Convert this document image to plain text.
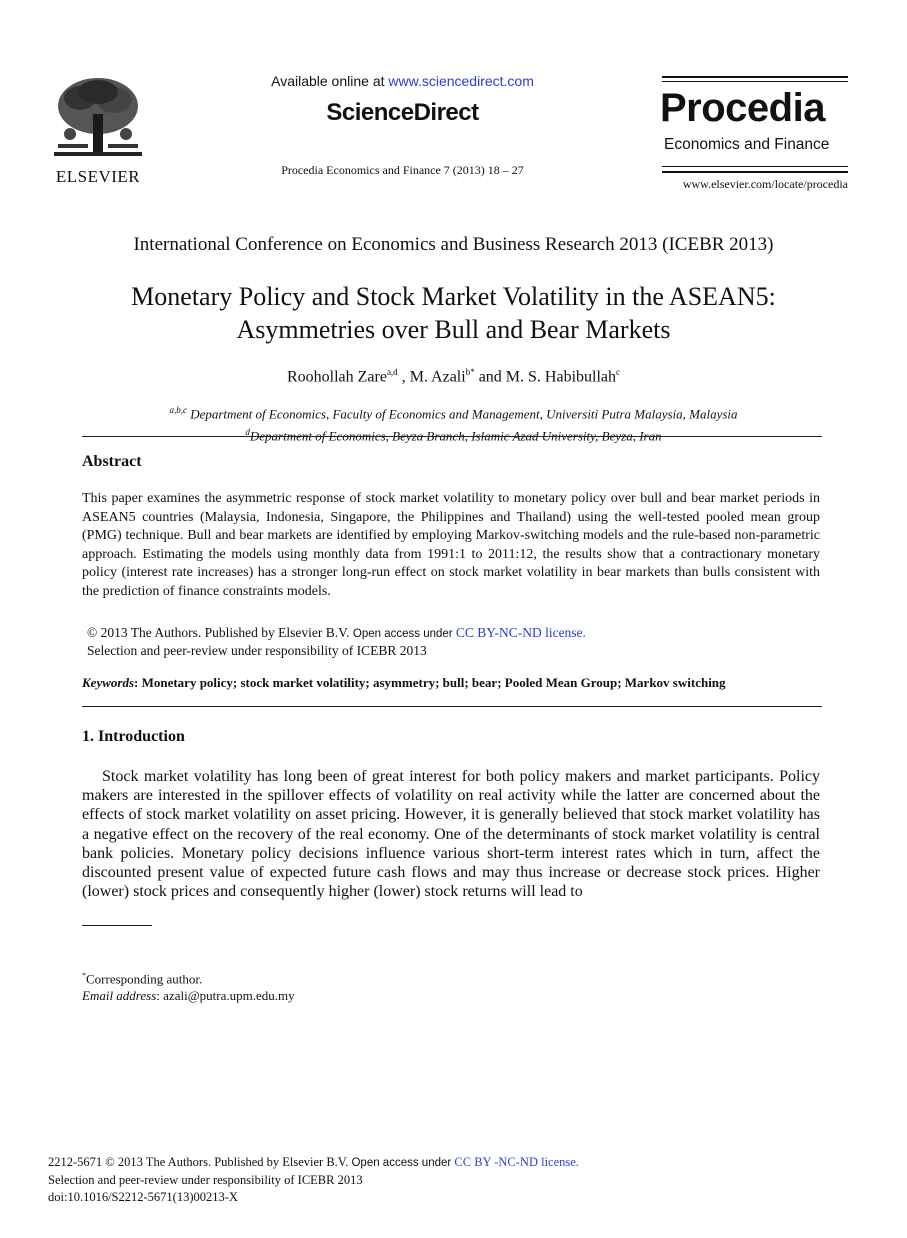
ELSEVIER
Available online at www.sciencedirect.com
ScienceDirect
Procedia Economics and Finance 7 (2013) 18 – 27
Procedia
Economics and Finance
www.elsevier.com/locate/procedia
International Conference on Economics and Business Research 2013 (ICEBR 2013)
Monetary Policy and Stock Market Volatility in the ASEAN5:
Asymmetries over Bull and Bear Markets
Roohollah Zare$^{a,d}$ , M. Azali$^{b*}$ and M. S. Habibullah$^c$
$^{a,b,c}$ Department of Economics, Faculty of Economics and Management, Universiti Putra Malaysia, Malaysia
$^d$Department of Economics, Beyza Branch, Islamic Azad University, Beyza, Iran
Abstract
This paper examines the asymmetric response of stock market volatility to monetary policy over bull and bear market periods in ASEAN5 countries (Malaysia, Indonesia, Singapore, the Philippines and Thailand) using the well-tested pooled mean group (PMG) technique. Bull and bear markets are identified by employing Markov-switching models and the rule-based non-parametric approach. Estimating the models using monthly data from 1991:1 to 2011:12, the results show that a contractionary monetary policy (interest rate increases) has a stronger long-run effect on stock market volatility in bear markets than bulls consistent with the prediction of finance constraints models.
© 2013 The Authors. Published by Elsevier B.V. Open access under CC BY-NC-ND license.
Selection and peer-review under responsibility of ICEBR 2013
Keywords: Monetary policy; stock market volatility; asymmetry; bull; bear; Pooled Mean Group; Markov switching
1. Introduction

Stock market volatility has long been of great interest for both policy makers and market participants. Policy makers are interested in the spillover effects of volatility on real activity while the latter are concerned about the effects of stock market volatility on asset pricing. However, it is generally believed that stock market volatility has a negative effect on the recovery of the real economy. One of the determinants of stock market volatility is central bank policies. Monetary policy decisions influence various short-term interest rates which in turn, affect the discounted present value of expected future cash flows and may thus increase or decrease stock prices. Higher (lower) stock prices and consequently higher (lower) stock returns will lead to

*Corresponding author.
Email address: azali@putra.upm.edu.my
2212-5671 © 2013 The Authors. Published by Elsevier B.V. Open access under CC BY -NC-ND license.
Selection and peer-review under responsibility of ICEBR 2013
doi:10.1016/S2212-5671(13)00213-X
